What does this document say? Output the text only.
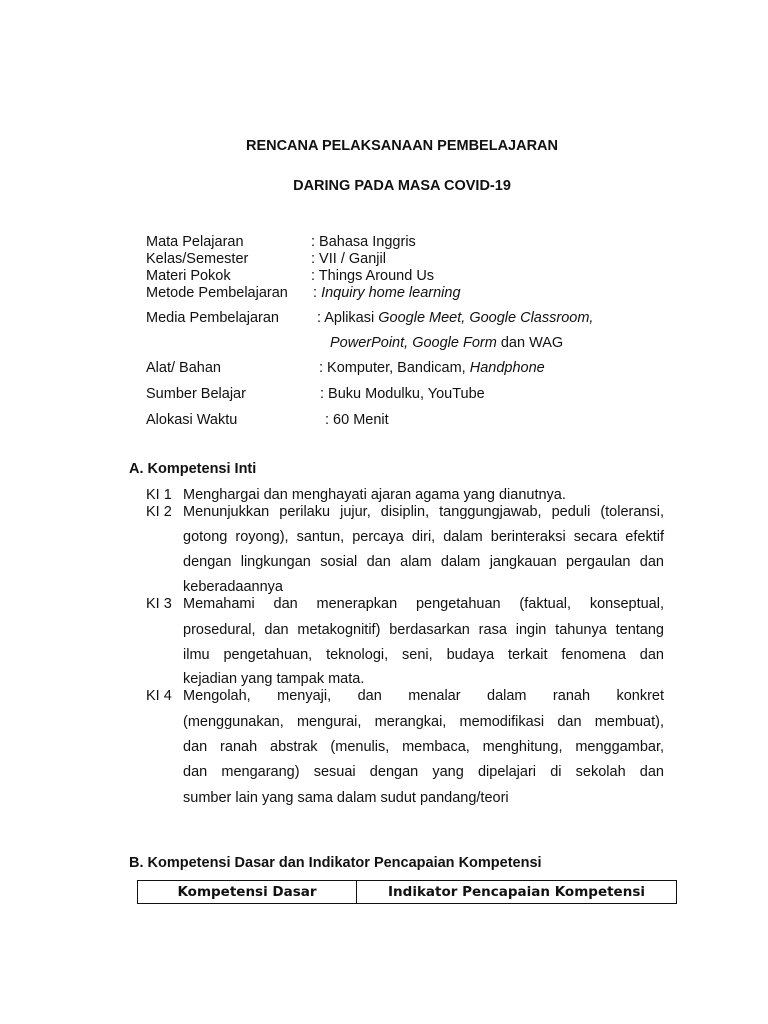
RENCANA PELAKSANAAN PEMBELAJARAN
DARING PADA MASA COVID-19
Mata Pelajaran	: Bahasa Inggris
Kelas/Semester	: VII / Ganjil
Materi Pokok	: Things Around Us
Metode Pembelajaran : Inquiry home learning
Media Pembelajaran	: Aplikasi Google Meet, Google Classroom,
PowerPoint, Google Form dan WAG
Alat/ Bahan	: Komputer, Bandicam, Handphone
Sumber Belajar	: Buku Modulku, YouTube
Alokasi Waktu	: 60 Menit
A. Kompetensi Inti
KI 1 Menghargai dan menghayati ajaran agama yang dianutnya.
KI 2 Menunjukkan perilaku jujur, disiplin, tanggungjawab, peduli (toleransi,
gotong royong), santun, percaya diri, dalam berinteraksi secara efektif
dengan lingkungan sosial dan alam dalam jangkauan pergaulan dan
keberadaannya
KI 3 Memahami dan menerapkan pengetahuan (faktual, konseptual,
prosedural, dan metakognitif) berdasarkan rasa ingin tahunya tentang
ilmu pengetahuan, teknologi, seni, budaya terkait fenomena dan
kejadian yang tampak mata.
KI 4 Mengolah, menyaji, dan menalar dalam ranah konkret
(menggunakan, mengurai, merangkai, memodifikasi dan membuat),
dan ranah abstrak (menulis, membaca, menghitung, menggambar,
dan mengarang) sesuai dengan yang dipelajari di sekolah dan
sumber lain yang sama dalam sudut pandang/teori
B. Kompetensi Dasar dan Indikator Pencapaian Kompetensi
Kompetensi Dasar	Indikator Pencapaian Kompetensi
